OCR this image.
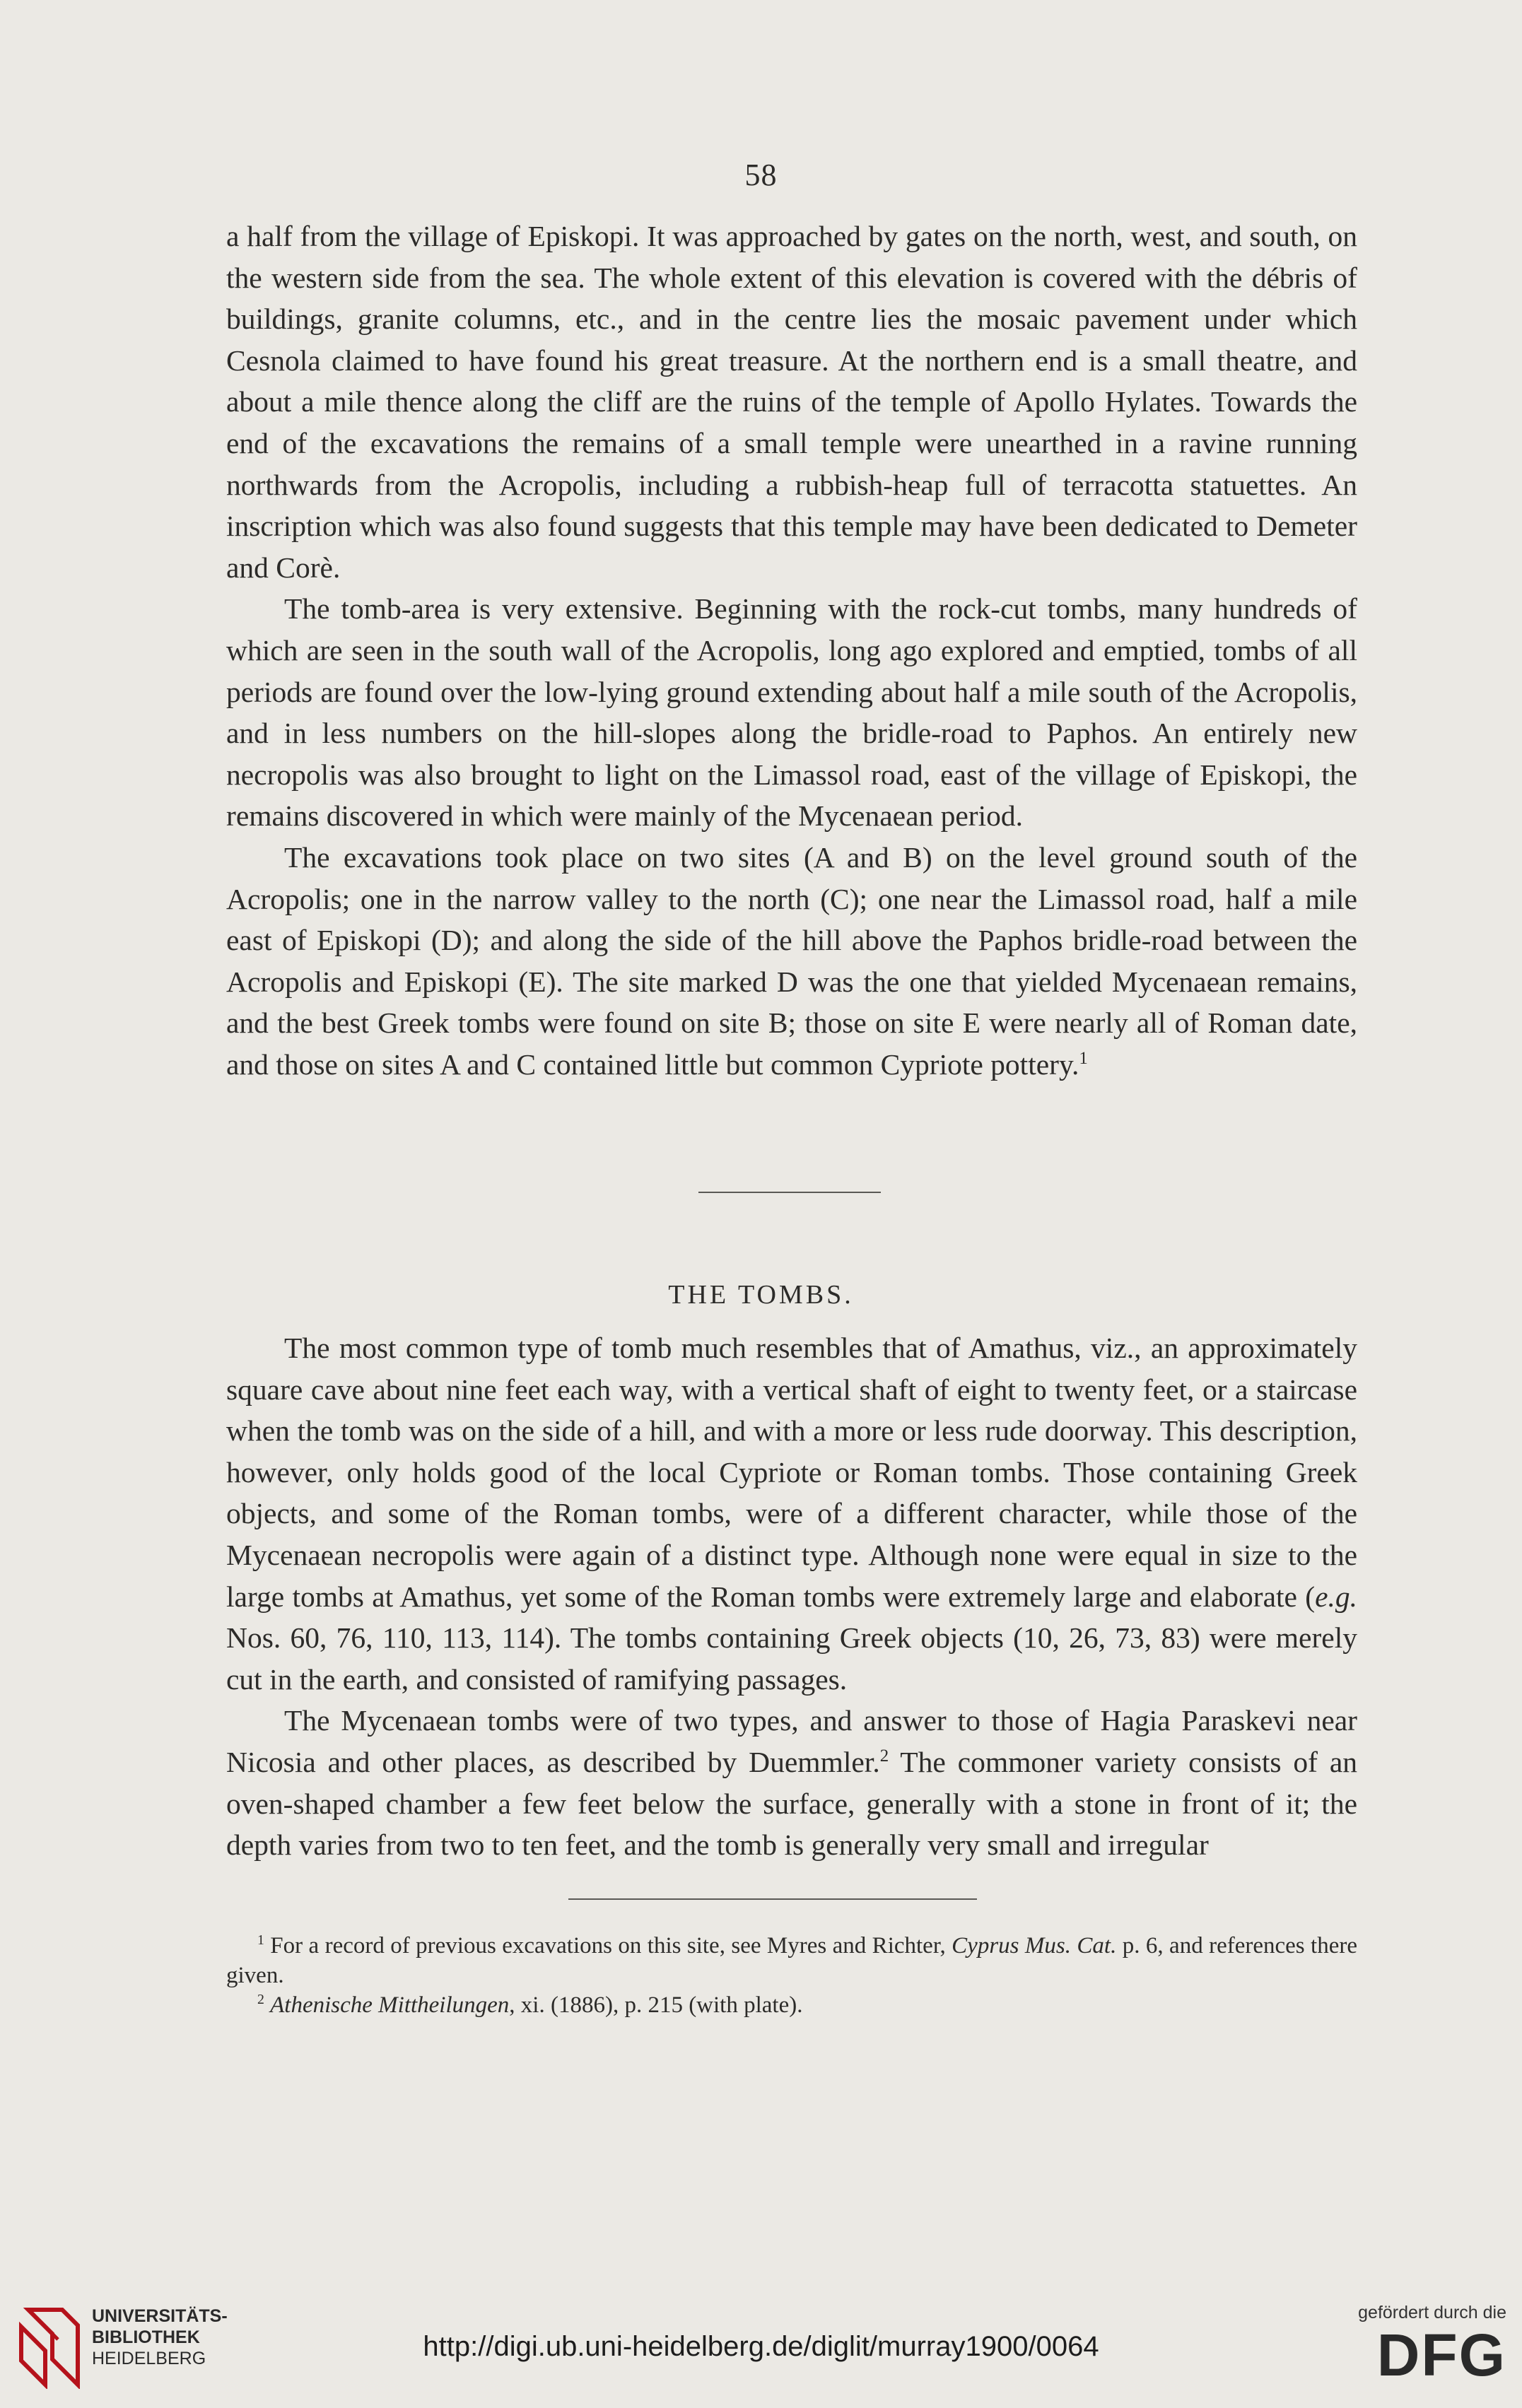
58

a half from the village of Episkopi. It was approached by gates on the north, west, and south, on the western side from the sea. The whole extent of this elevation is covered with the débris of buildings, granite columns, etc., and in the centre lies the mosaic pavement under which Cesnola claimed to have found his great treasure. At the northern end is a small theatre, and about a mile thence along the cliff are the ruins of the temple of Apollo Hylates. Towards the end of the excavations the remains of a small temple were unearthed in a ravine running northwards from the Acropolis, including a rubbish-heap full of terracotta statuettes. An inscription which was also found suggests that this temple may have been dedicated to Demeter and Corè.

The tomb-area is very extensive. Beginning with the rock-cut tombs, many hundreds of which are seen in the south wall of the Acropolis, long ago explored and emptied, tombs of all periods are found over the low-lying ground extending about half a mile south of the Acropolis, and in less numbers on the hill-slopes along the bridle-road to Paphos. An entirely new necropolis was also brought to light on the Limassol road, east of the village of Episkopi, the remains discovered in which were mainly of the Mycenaean period.

The excavations took place on two sites (A and B) on the level ground south of the Acropolis; one in the narrow valley to the north (C); one near the Limassol road, half a mile east of Episkopi (D); and along the side of the hill above the Paphos bridle-road between the Acropolis and Episkopi (E). The site marked D was the one that yielded Mycenaean remains, and the best Greek tombs were found on site B; those on site E were nearly all of Roman date, and those on sites A and C contained little but common Cypriote pottery.$^1$

THE TOMBS.

The most common type of tomb much resembles that of Amathus, viz., an approximately square cave about nine feet each way, with a vertical shaft of eight to twenty feet, or a staircase when the tomb was on the side of a hill, and with a more or less rude doorway. This description, however, only holds good of the local Cypriote or Roman tombs. Those containing Greek objects, and some of the Roman tombs, were of a different character, while those of the Mycenaean necropolis were again of a distinct type. Although none were equal in size to the large tombs at Amathus, yet some of the Roman tombs were extremely large and elaborate (e.g. Nos. 60, 76, 110, 113, 114). The tombs containing Greek objects (10, 26, 73, 83) were merely cut in the earth, and consisted of ramifying passages.

The Mycenaean tombs were of two types, and answer to those of Hagia Paraskevi near Nicosia and other places, as described by Duemmler.$^2$ The commoner variety consists of an oven-shaped chamber a few feet below the surface, generally with a stone in front of it; the depth varies from two to ten feet, and the tomb is generally very small and irregular

$^1$ For a record of previous excavations on this site, see Myres and Richter, Cyprus Mus. Cat. p. 6, and references there given.

$^2$ Athenische Mittheilungen, xi. (1886), p. 215 (with plate).

UNIVERSITÄTS-
BIBLIOTHEK
HEIDELBERG	http://digi.ub.uni-heidelberg.de/diglit/murray1900/0064
gefördert durch die
DFG
